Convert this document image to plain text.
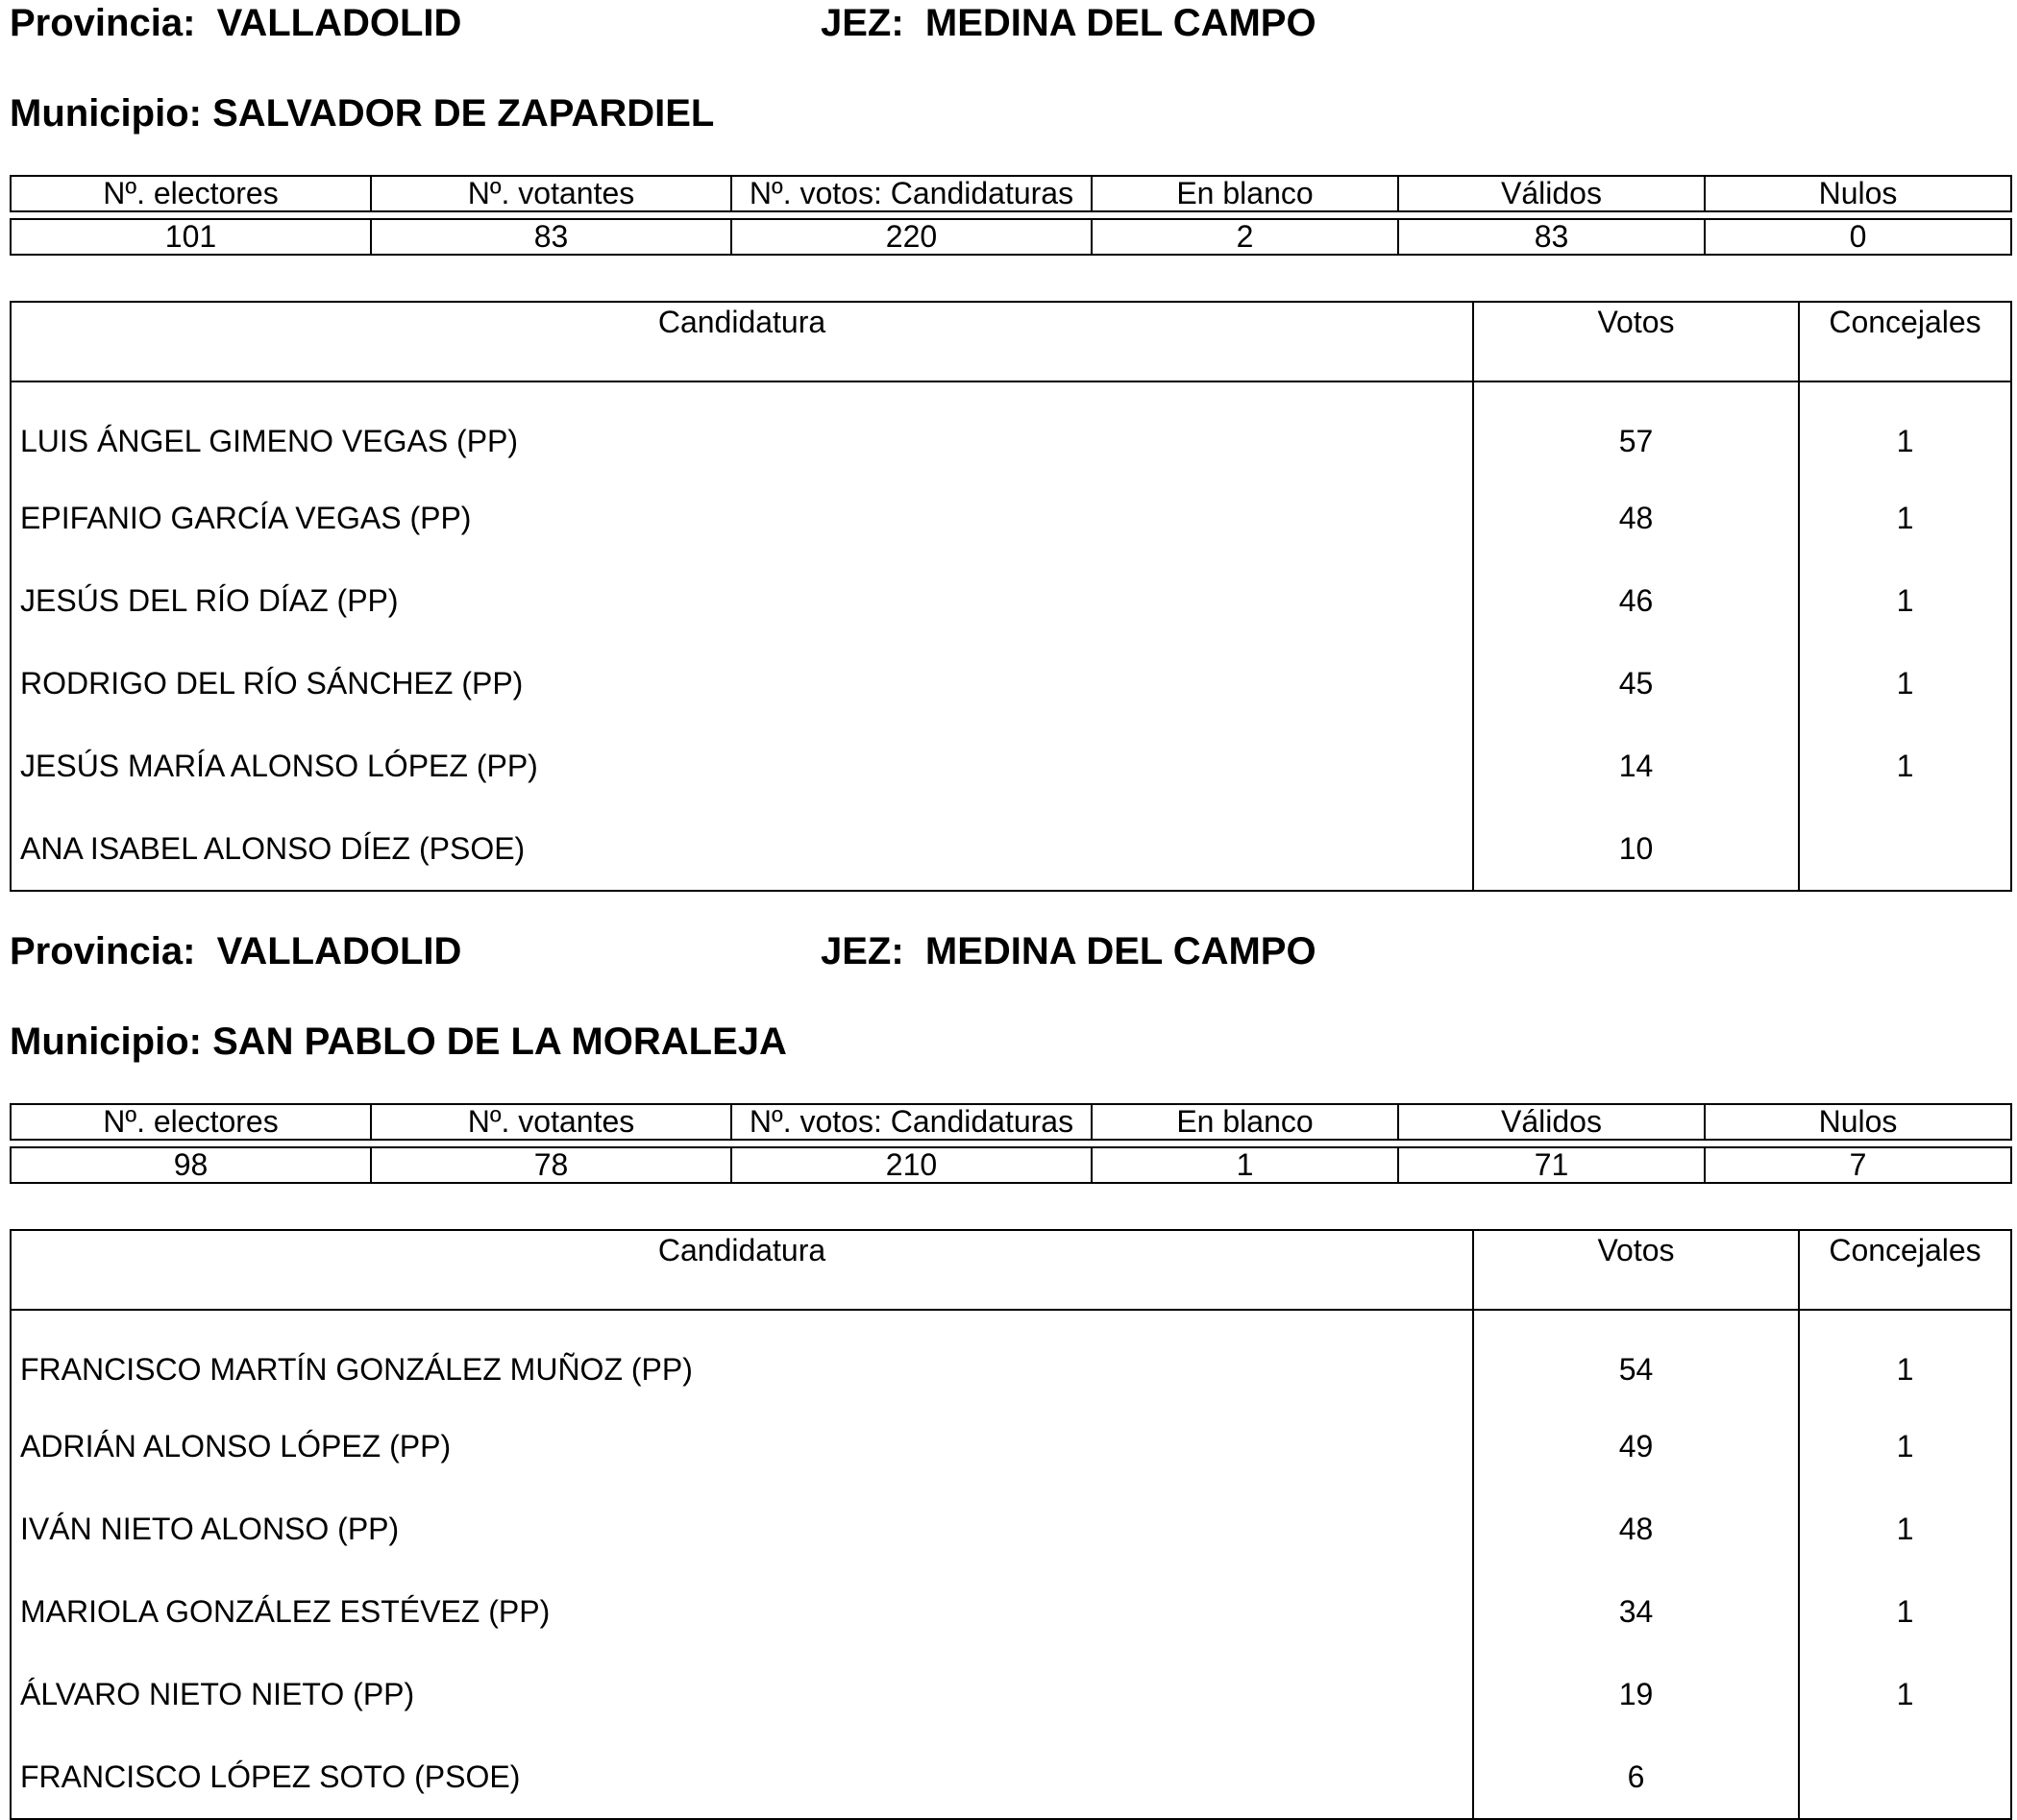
Provincia: VALLADOLID	JEZ: MEDINA DEL CAMPO
Municipio: SALVADOR DE ZAPARDIEL
Nº. electores	Nº. votantes	Nº. votos: Candidaturas	En blanco	Válidos	Nulos

101	83	220	2	83	0
Candidatura	Votos	Concejales
LUIS ÁNGEL GIMENO VEGAS (PP)	57	1
EPIFANIO GARCÍA VEGAS (PP)	48	1
JESÚS DEL RÍO DÍAZ (PP)	46	1
RODRIGO DEL RÍO SÁNCHEZ (PP)	45	1
JESÚS MARÍA ALONSO LÓPEZ (PP)	14	1
ANA ISABEL ALONSO DÍEZ (PSOE)	10	
Provincia: VALLADOLID	JEZ: MEDINA DEL CAMPO
Municipio: SAN PABLO DE LA MORALEJA
Nº. electores	Nº. votantes	Nº. votos: Candidaturas	En blanco	Válidos	Nulos

98	78	210	1	71	7
Candidatura	Votos	Concejales
FRANCISCO MARTÍN GONZÁLEZ MUÑOZ (PP)	54	1
ADRIÁN ALONSO LÓPEZ (PP)	49	1
IVÁN NIETO ALONSO (PP)	48	1
MARIOLA GONZÁLEZ ESTÉVEZ (PP)	34	1
ÁLVARO NIETO NIETO (PP)	19	1
FRANCISCO LÓPEZ SOTO (PSOE)	6	
